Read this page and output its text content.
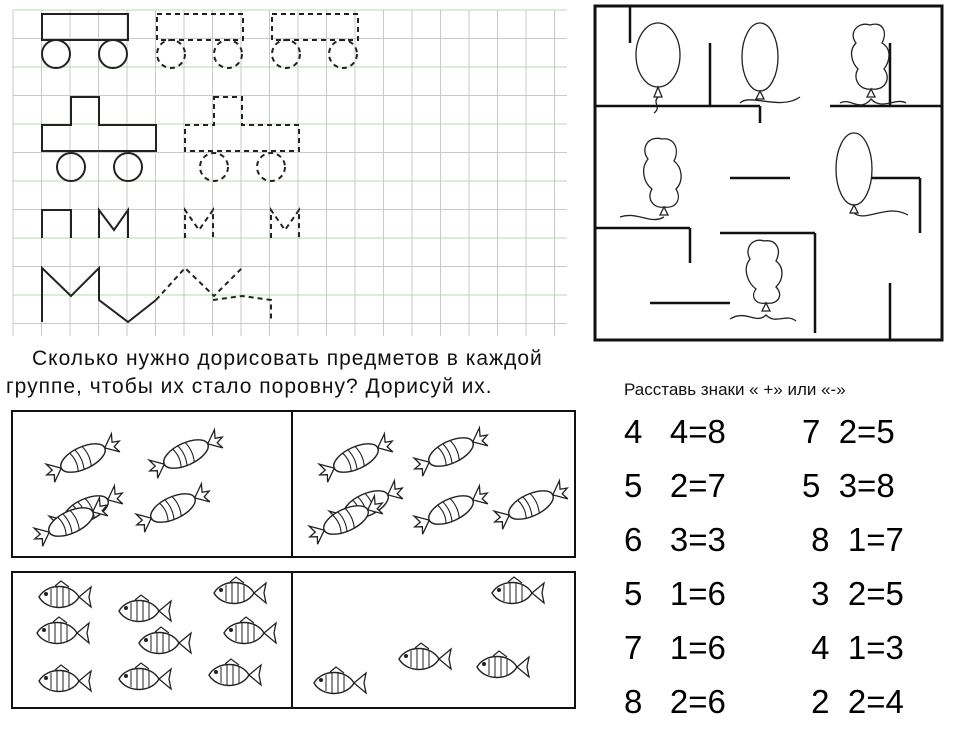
Сколько нужно дорисовать предметов в каждой
группе, чтобы их стало поровну? Дорисуй их.	Расставь знаки « +» или «-»
4   4=8 7  2=5
5   2=7 5  3=8
6   3=3 8  1=7
5   1=6 3  2=5
7   1=6 4  1=3
8   2=6 2  2=4
